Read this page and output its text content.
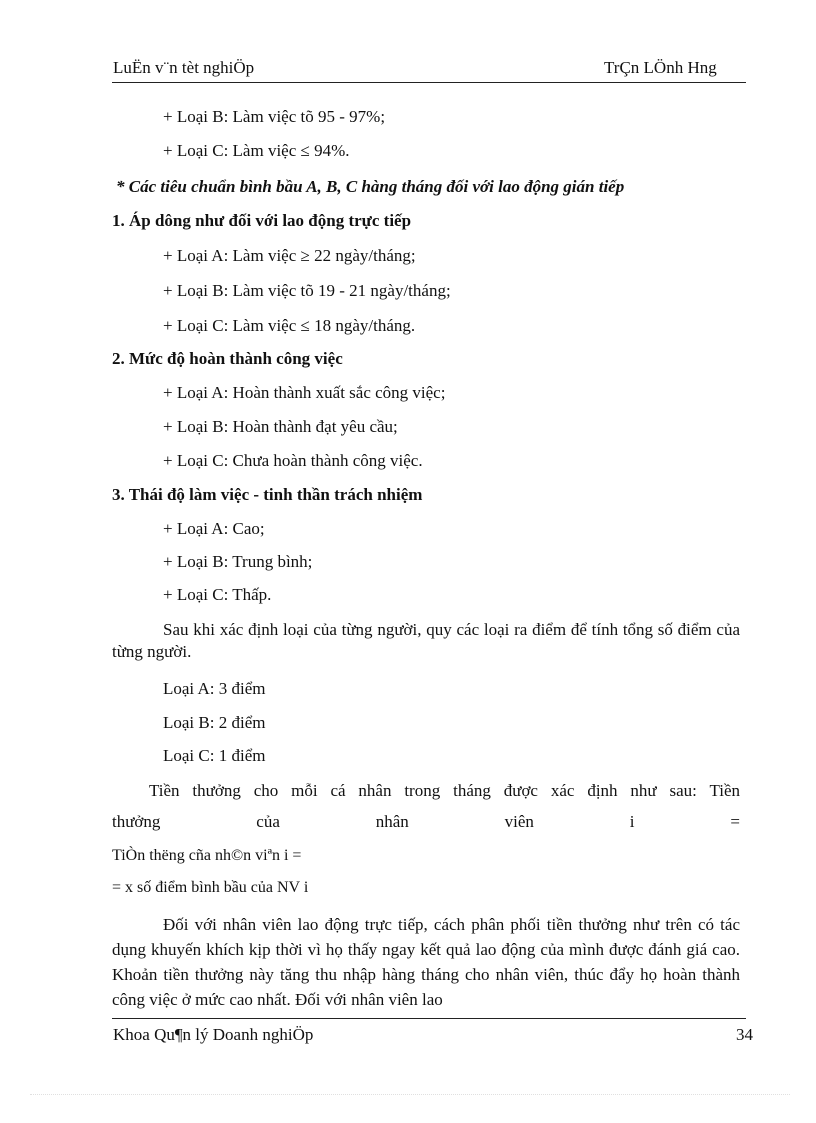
LuËn v¨n tèt nghiÖp	TrÇn LÖnh Hng
+ Loại B: Làm việc tõ 95 - 97%;
+ Loại C: Làm việc ≤ 94%.
* Các tiêu chuẩn bình bầu A, B, C hàng tháng đối với lao động gián tiếp
1. Áp dông như đối với lao động trực tiếp
+ Loại A: Làm việc ≥ 22 ngày/tháng;
+ Loại B: Làm việc tõ 19 - 21 ngày/tháng;
+ Loại C: Làm việc ≤ 18 ngày/tháng.
2. Mức độ hoàn thành công việc
+ Loại A: Hoàn thành xuất sắc công việc;
+ Loại B: Hoàn thành đạt yêu cầu;
+ Loại C: Chưa hoàn thành công việc.
3. Thái độ làm việc - tinh thần trách nhiệm
+ Loại A: Cao;
+ Loại B: Trung bình;
+ Loại C: Thấp.
Sau khi xác định loại của từng người, quy các loại ra điểm để tính tổng số điểm của từng người.
Loại A: 3 điểm
Loại B: 2 điểm
Loại C: 1 điểm
Tiền thưởng cho mỗi cá nhân trong tháng được xác định như sau: Tiền
thưởng	của	nhân	viên	i	=
TiÒn thëng cña nh©n viªn i =
= x số điểm bình bầu của NV i
Đối với nhân viên lao động trực tiếp, cách phân phối tiền thưởng như trên có tác dụng khuyến khích kịp thời vì họ thấy ngay kết quả lao động của mình được đánh giá cao. Khoản tiền thưởng này tăng thu nhập hàng tháng cho nhân viên, thúc đẩy họ hoàn thành công việc ở mức cao nhất. Đối với nhân viên lao
Khoa Qu¶n lý Doanh nghiÖp	34
